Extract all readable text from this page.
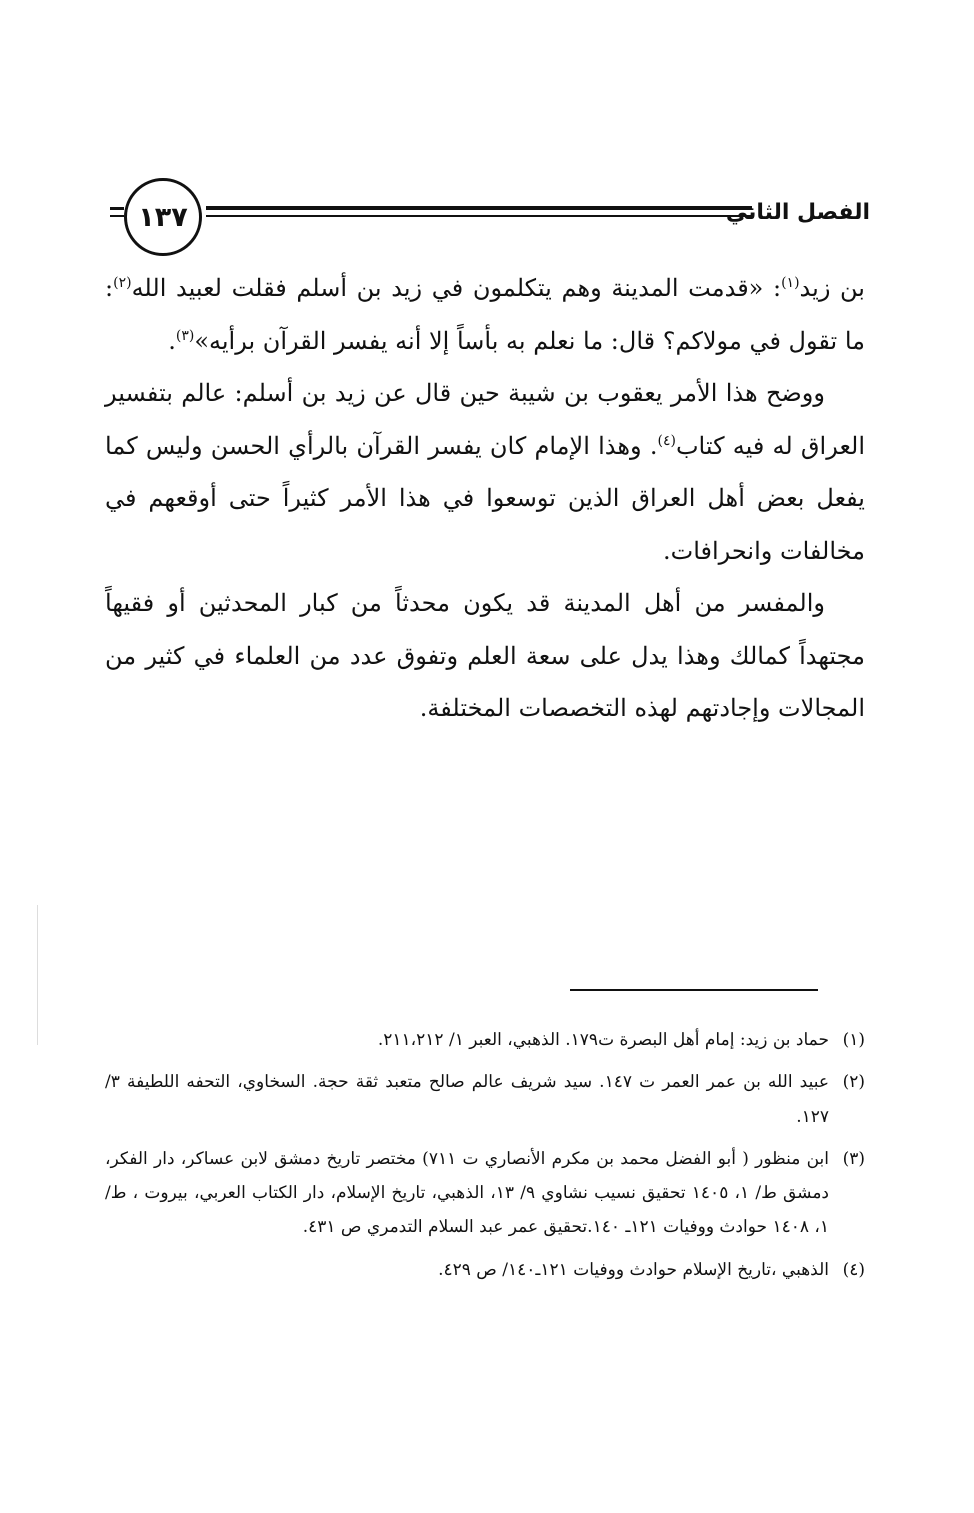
١٣٧	الفصل الثاني

بن زيد$^{(١)}$: «قدمت المدينة وهم يتكلمون في زيد بن أسلم فقلت لعبيد الله$^{(٢)}$: ما تقول في مولاكم؟ قال: ما نعلم به بأساً إلا أنه يفسر القرآن برأيه»$^{(٣)}$.

ووضح هذا الأمر يعقوب بن شيبة حين قال عن زيد بن أسلم: عالم بتفسير العراق له فيه كتاب$^{(٤)}$. وهذا الإمام كان يفسر القرآن بالرأي الحسن وليس كما يفعل بعض أهل العراق الذين توسعوا في هذا الأمر كثيراً حتى أوقعهم في مخالفات وانحرافات.

والمفسر من أهل المدينة قد يكون محدثاً من كبار المحدثين أو فقيهاً مجتهداً كمالك وهذا يدل على سعة العلم وتفوق عدد من العلماء في كثير من المجالات وإجادتهم لهذه التخصصات المختلفة.

(١)حماد بن زيد: إمام أهل البصرة ت١٧٩. الذهبي، العبر ١/ ٢١١،٢١٢.

(٢)عبيد الله بن عمر العمر ت ١٤٧. سيد شريف عالم صالح متعبد ثقة حجة. السخاوي، التحفه اللطيفة ٣/ ١٢٧.

(٣)ابن منظور ( أبو الفضل محمد بن مكرم الأنصاري ت ٧١١) مختصر تاريخ دمشق لابن عساكر، دار الفكر، دمشق ط/ ١، ١٤٠٥ تحقيق نسيب نشاوي ٩/ ١٣، الذهبي، تاريخ الإسلام، دار الكتاب العربي، بيروت ، ط/ ١، ١٤٠٨ حوادث ووفيات ١٢١ـ ١٤٠.تحقيق عمر عبد السلام التدمري ص ٤٣١.

(٤)الذهبي ،تاريخ الإسلام حوادث ووفيات ١٢١ـ١٤٠/ ص ٤٢٩.
